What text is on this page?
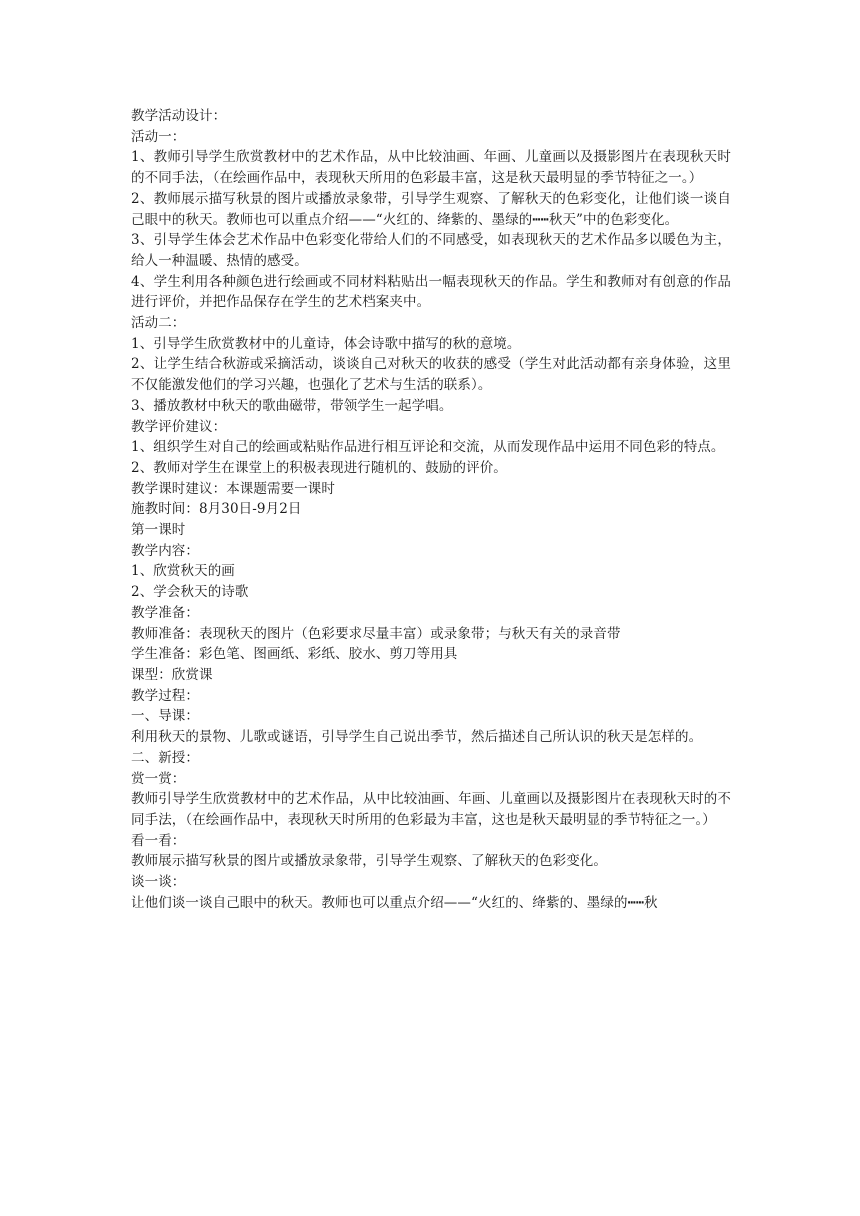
教学活动设计：

活动一：

1、教师引导学生欣赏教材中的艺术作品，从中比较油画、年画、儿童画以及摄影图片在表现秋天时的不同手法，（在绘画作品中，表现秋天所用的色彩最丰富，这是秋天最明显的季节特征之一。）

2、教师展示描写秋景的图片或播放录象带，引导学生观察、了解秋天的色彩变化，让他们谈一谈自己眼中的秋天。教师也可以重点介绍——“火红的、绛紫的、墨绿的┅┅秋天”中的色彩变化。

3、引导学生体会艺术作品中色彩变化带给人们的不同感受，如表现秋天的艺术作品多以暖色为主，给人一种温暖、热情的感受。

4、学生利用各种颜色进行绘画或不同材料粘贴出一幅表现秋天的作品。学生和教师对有创意的作品进行评价，并把作品保存在学生的艺术档案夹中。

活动二：

1、引导学生欣赏教材中的儿童诗，体会诗歌中描写的秋的意境。

2、让学生结合秋游或采摘活动，谈谈自己对秋天的收获的感受（学生对此活动都有亲身体验，这里不仅能激发他们的学习兴趣，也强化了艺术与生活的联系）。

3、播放教材中秋天的歌曲磁带，带领学生一起学唱。

教学评价建议：

1、组织学生对自己的绘画或粘贴作品进行相互评论和交流，从而发现作品中运用不同色彩的特点。

2、教师对学生在课堂上的积极表现进行随机的、鼓励的评价。

教学课时建议：本课题需要一课时

施教时间：8月30日-9月2日

第一课时

教学内容：

1、欣赏秋天的画

2、学会秋天的诗歌

教学准备：

教师准备：表现秋天的图片（色彩要求尽量丰富）或录象带；与秋天有关的录音带

学生准备：彩色笔、图画纸、彩纸、胶水、剪刀等用具

课型：欣赏课

教学过程：

一、导课：

利用秋天的景物、儿歌或谜语，引导学生自己说出季节，然后描述自己所认识的秋天是怎样的。

二、新授：

赏一赏：

教师引导学生欣赏教材中的艺术作品，从中比较油画、年画、儿童画以及摄影图片在表现秋天时的不同手法，（在绘画作品中，表现秋天时所用的色彩最为丰富，这也是秋天最明显的季节特征之一。）

看一看：

教师展示描写秋景的图片或播放录象带，引导学生观察、了解秋天的色彩变化。

谈一谈：

让他们谈一谈自己眼中的秋天。教师也可以重点介绍——“火红的、绛紫的、墨绿的┅┅秋
